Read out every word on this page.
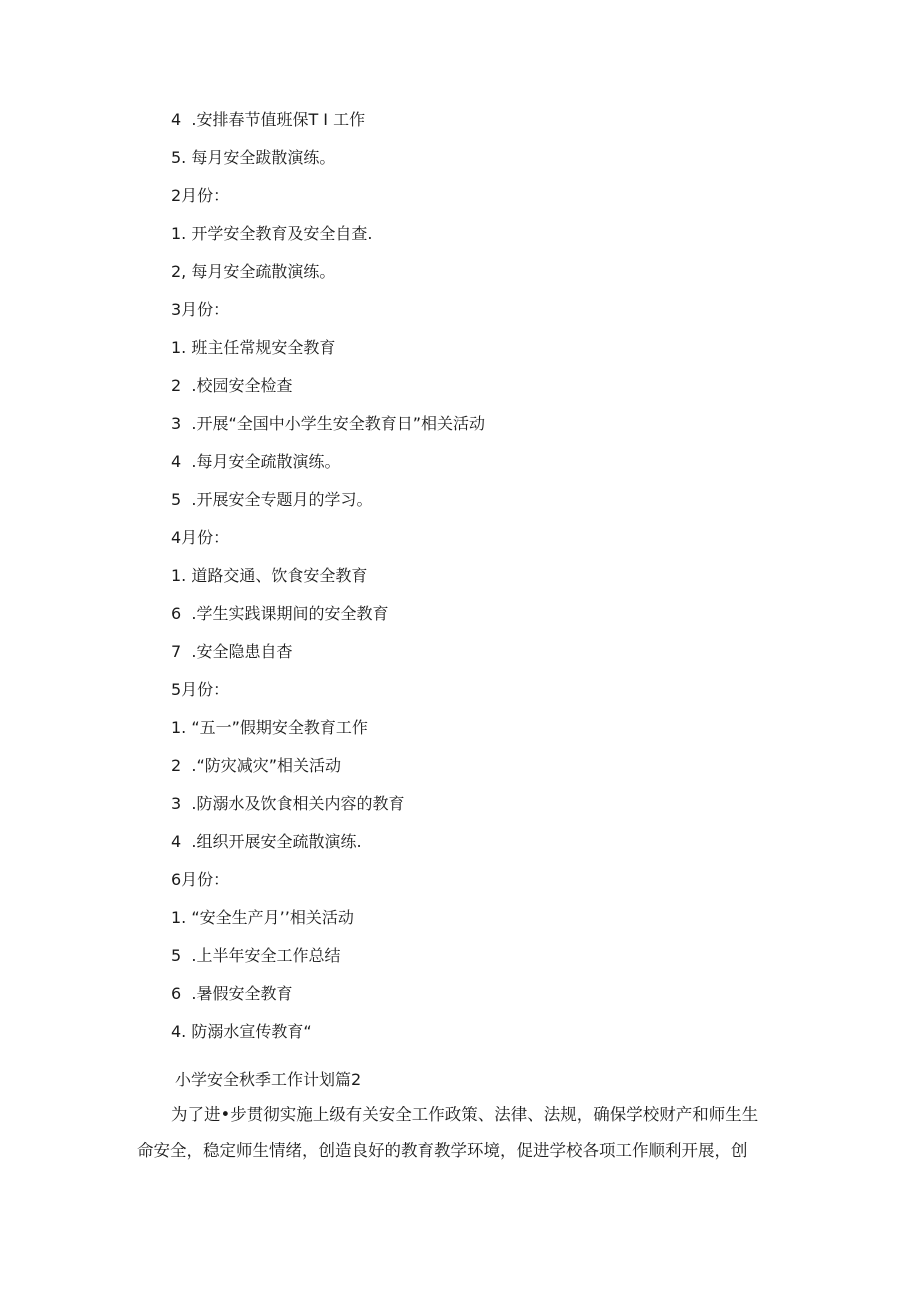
4  .安排春节值班保T I 工作
5. 每月安全跋散演练。
2月份：
1. 开学安全教育及安全自查.
2, 每月安全疏散演练。
3月份：
1. 班主任常规安全教育
2  .校园安全检查
3  .开展“全国中小学生安全教育日”相关活动
4  .每月安全疏散演练。
5  .开展安全专题月的学习。
4月份：
1. 道路交通、饮食安全教育
6  .学生实践课期间的安全教育
7  .安全隐患自杳
5月份：
1. “五一”假期安全教育工作
2  .“防灾减灾”相关活动
3  .防溺水及饮食相关内容的教育
4  .组织开展安全疏散演练.
6月份：
1. “安全生产月’’相关活动
5  .上半年安全工作总结
6  .暑假安全教育
4. 防溺水宣传教育“
小学安全秋季工作计划篇2
为了进•步贯彻实施上级有关安全工作政策、法律、法规，确保学校财产和师生生
命安全，稳定师生情绪，创造良好的教育教学环境，促进学校各项工作顺利开展，创
